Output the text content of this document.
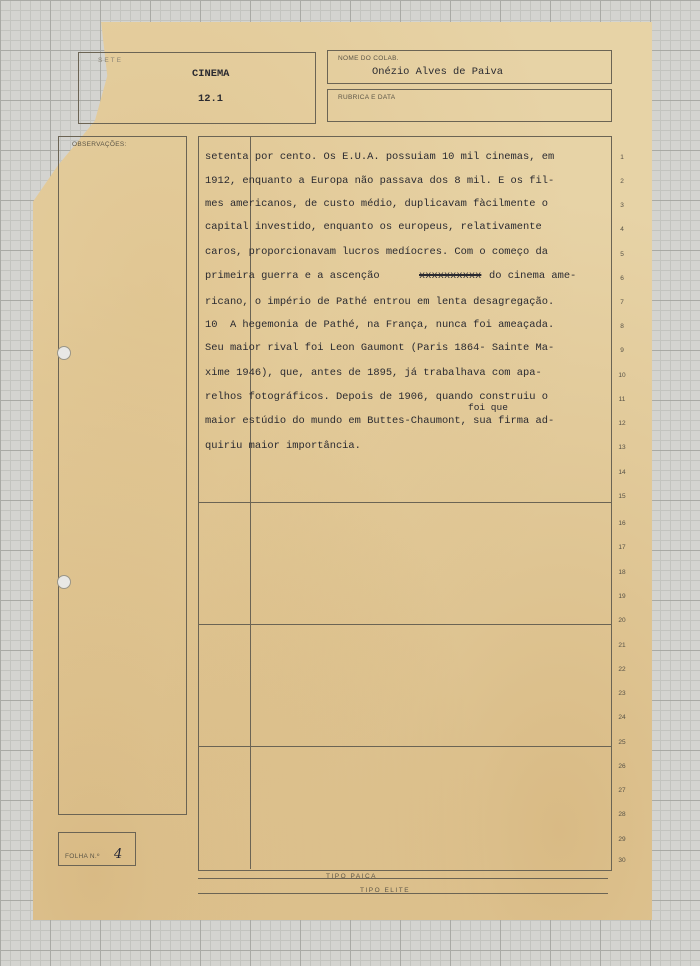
SETE
CINEMA
12.1
NOME DO COLAB.
Onézio Alves de Paiva
RUBRICA E DATA
OBSERVAÇÕES:
setenta por cento. Os E.U.A. possuiam 10 mil cinemas, em
1912, enquanto a Europa não passava dos 8 mil. E os fil-
mes americanos, de custo médio, duplicavam fàcilmente o
capital investido, enquanto os europeus, relativamente
caros, proporcionavam lucros medíocres. Com o começo da
primeira guerra e a ascenção	xxxxxxxxxx do cinema ame-
ricano, o império de Pathé entrou em lenta desagregação.
10  A hegemonia de Pathé, na França, nunca foi ameaçada.
Seu maior rival foi Leon Gaumont (Paris 1864- Sainte Ma-
xime 1946), que, antes de 1895, já trabalhava com apa-
relhos fotográficos. Depois de 1906, quando construiu o
foi que
maior estúdio do mundo em Buttes-Chaumont, sua firma ad-
quiriu maior importância.
1
2
3
4
5
6
7
8
9
10
11
12
13
14
15
16
17
18
19
20
21
22
23
24
25
26
27
28
29
30
FOLHA N.º 4
TIPO PAICA
TIPO ELITE
